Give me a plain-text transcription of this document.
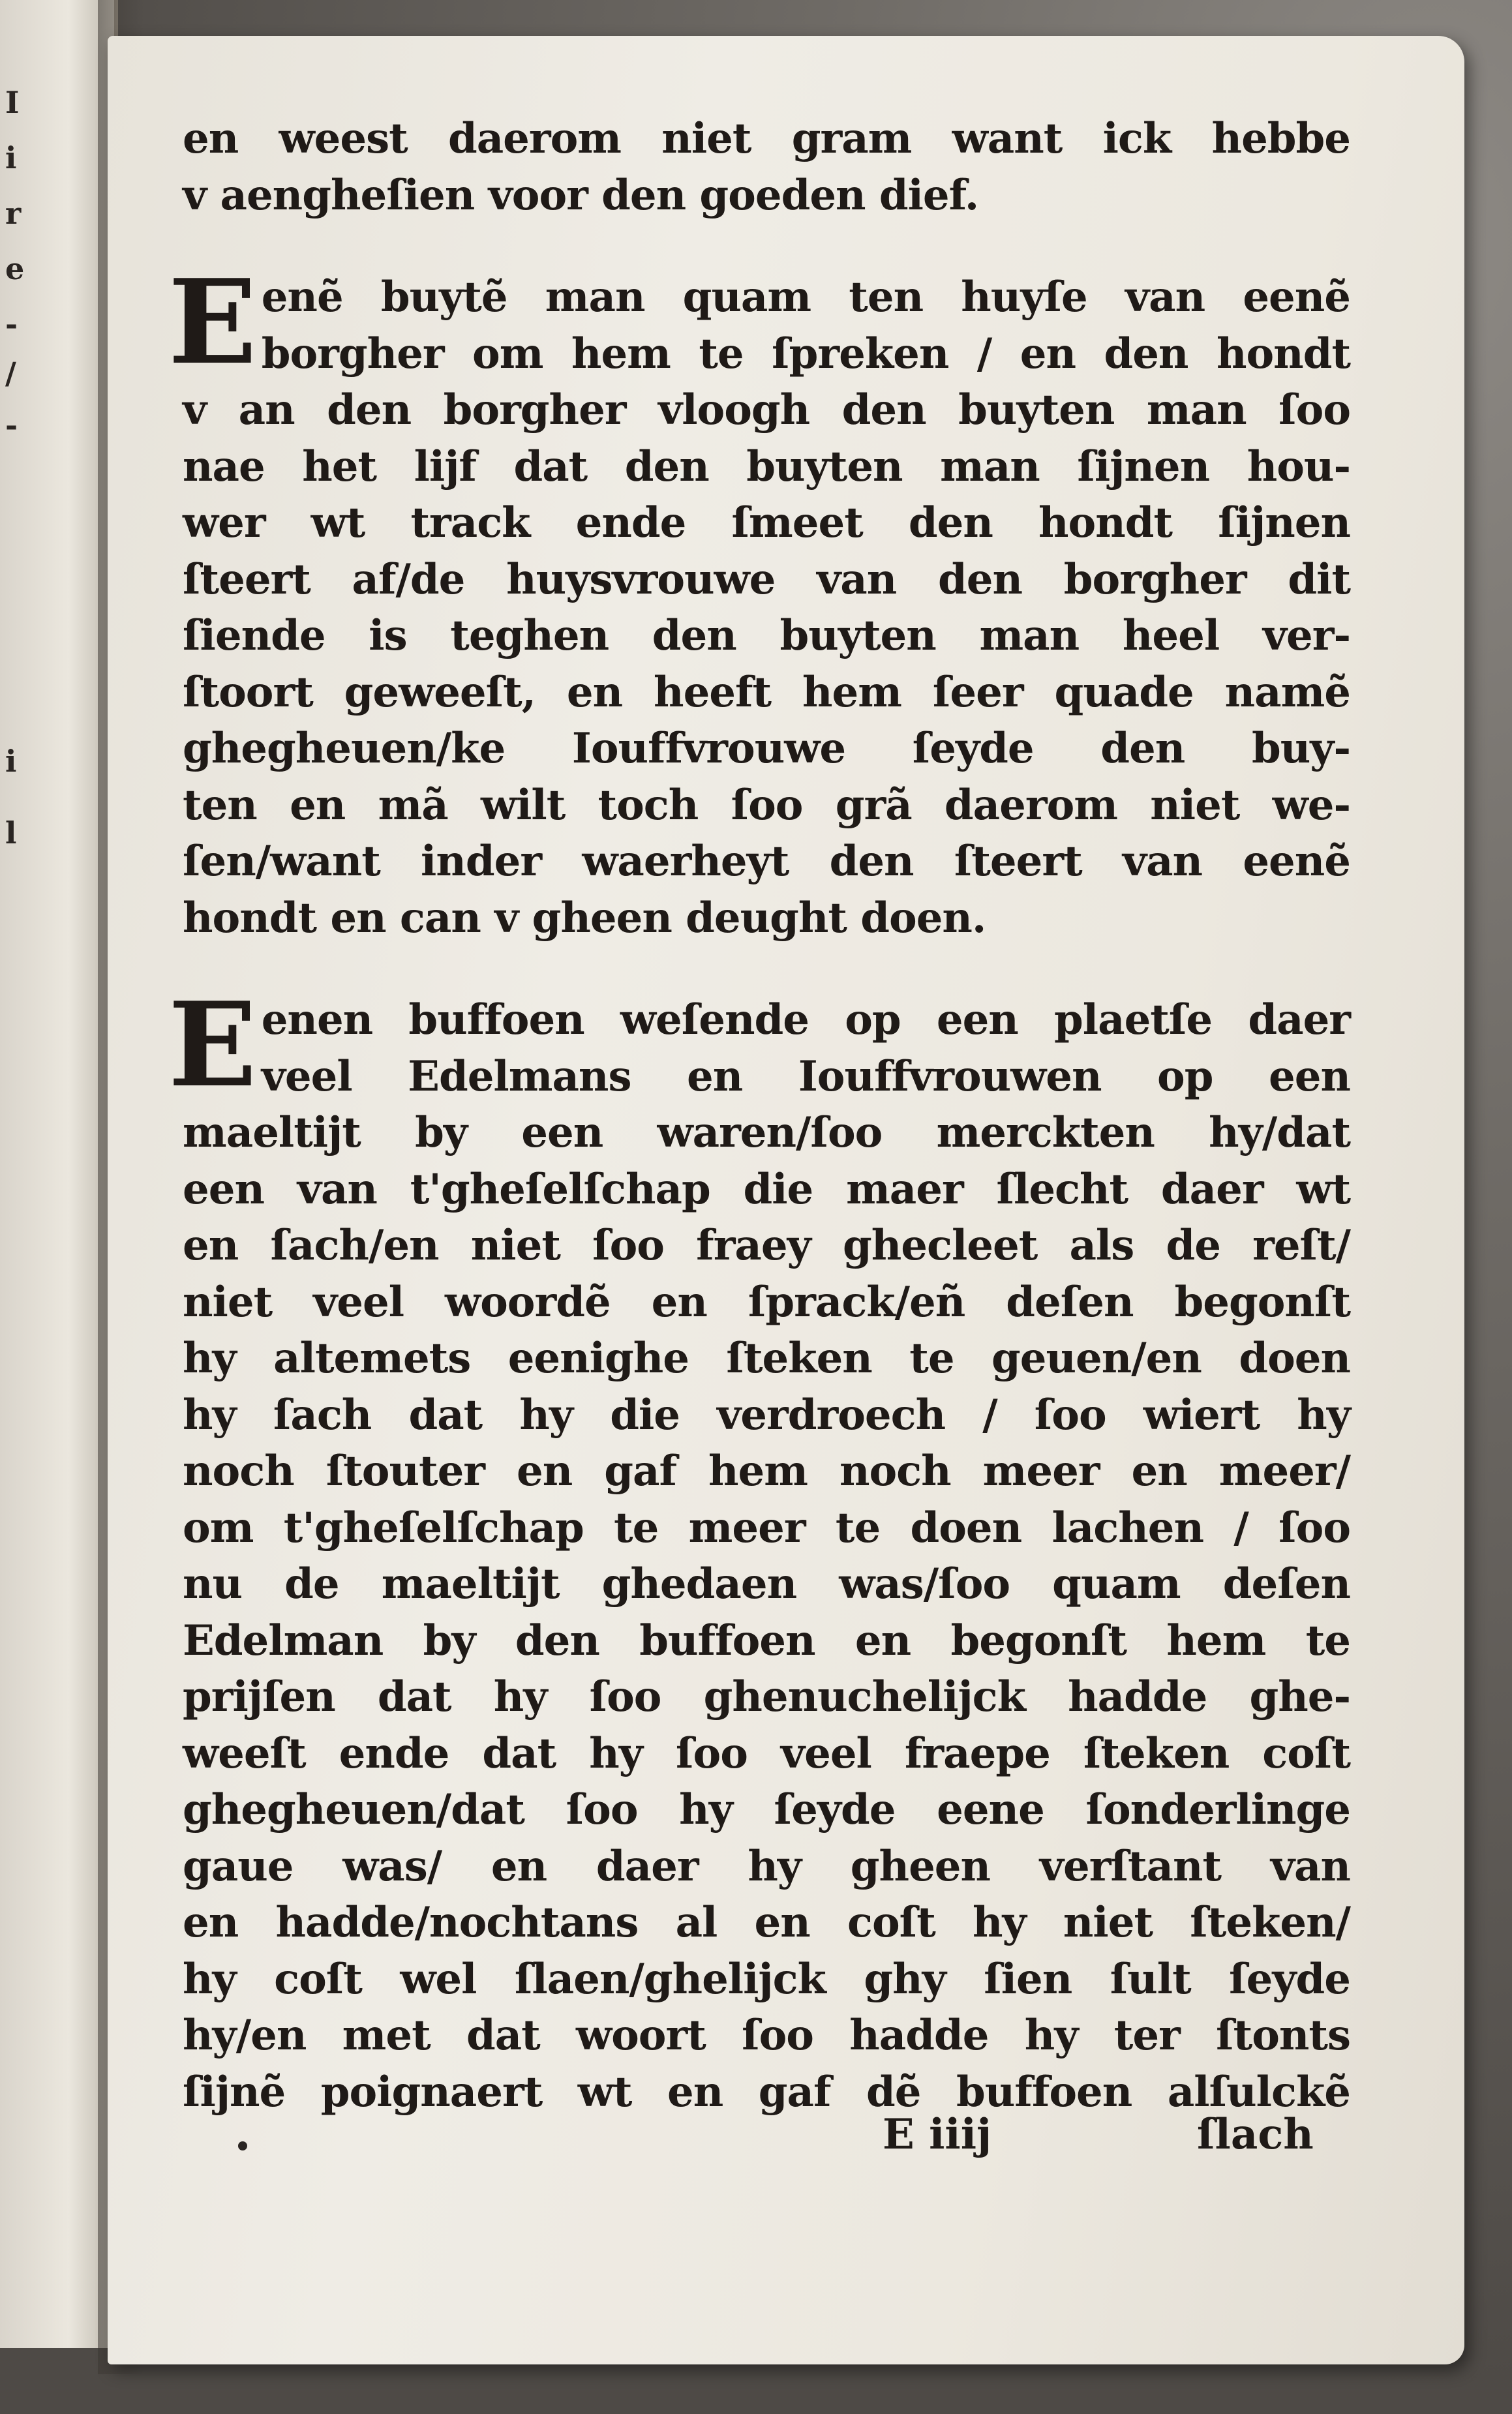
I
i
r
e
-
/
-
i
l
en weest daerom niet gram want ick hebbe
v aengheſien voor den goeden dief.
E enẽ buytẽ man quam ten huyſe van eenẽ
borgher om hem te ſpreken / en den hondt
v an den borgher vloogh den buyten man ſoo
nae het lijf dat den buyten man ſijnen hou-
wer wt track ende ſmeet den hondt ſijnen
ſteert af/de huysvrouwe van den borgher dit
ſiende is teghen den buyten man heel ver-
ſtoort geweeſt, en heeft hem ſeer quade namẽ
ghegheuen/ke Iouffvrouwe ſeyde den buy-
ten en mã wilt toch ſoo grã daerom niet we-
ſen/want inder waerheyt den ſteert van eenẽ
hondt en can v gheen deught doen.
E enen buffoen weſende op een plaetſe daer
veel Edelmans en Iouffvrouwen op een
maeltijt by een waren/ſoo merckten hy/dat
een van t'gheſelſchap die maer ſlecht daer wt
en ſach/en niet ſoo fraey ghecleet als de reſt/
niet veel woordẽ en ſprack/eñ deſen begonſt
hy altemets eenighe ſteken te geuen/en doen
hy ſach dat hy die verdroech / ſoo wiert hy
noch ſtouter en gaf hem noch meer en meer/
om t'gheſelſchap te meer te doen lachen / ſoo
nu de maeltijt ghedaen was/ſoo quam deſen
Edelman by den buffoen en begonſt hem te
prijſen dat hy ſoo ghenuchelijck hadde ghe-
weeſt ende dat hy ſoo veel fraepe ſteken coſt
ghegheuen/dat ſoo hy ſeyde eene ſonderlinge
gaue was/ en daer hy gheen verſtant van
en hadde/nochtans al en coſt hy niet ſteken/
hy coſt wel ſlaen/ghelijck ghy ſien ſult ſeyde
hy/en met dat woort ſoo hadde hy ter ſtonts
ſijnẽ poignaert wt en gaf dẽ buffoen alſulckẽ
E iiij	ſlach
